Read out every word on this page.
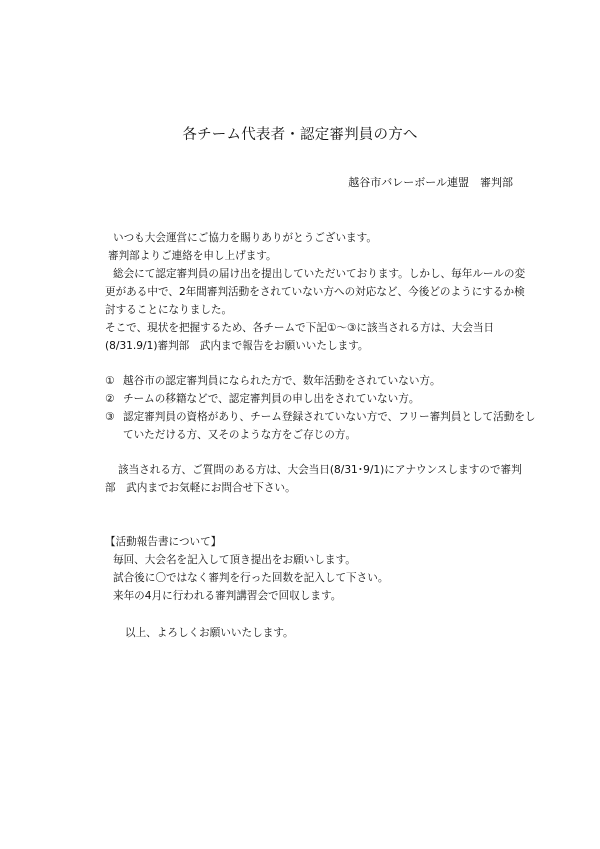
各チーム代表者・認定審判員の方へ
越谷市バレーボール連盟　審判部
いつも大会運営にご協力を賜りありがとうございます。
審判部よりご連絡を申し上げます。
総会にて認定審判員の届け出を提出していただいております。しかし、毎年ルールの変
更がある中で、2年間審判活動をされていない方への対応など、今後どのようにするか検
討することになりました。
そこで、現状を把握するため、各チームで下記①～③に該当される方は、大会当日
(8/31.9/1)審判部　武内まで報告をお願いいたします。
① 越谷市の認定審判員になられた方で、数年活動をされていない方。
② チームの移籍などで、認定審判員の申し出をされていない方。
③ 認定審判員の資格があり、チーム登録されていない方で、フリー審判員として活動をし
ていただける方、又そのような方をご存じの方。
該当される方、ご質問のある方は、大会当日(8/31･9/1)にアナウンスしますので審判
部　武内までお気軽にお問合せ下さい。
【活動報告書について】
毎回、大会名を記入して頂き提出をお願いします。
試合後に〇ではなく審判を行った回数を記入して下さい。
来年の4月に行われる審判講習会で回収します。
以上、よろしくお願いいたします。
